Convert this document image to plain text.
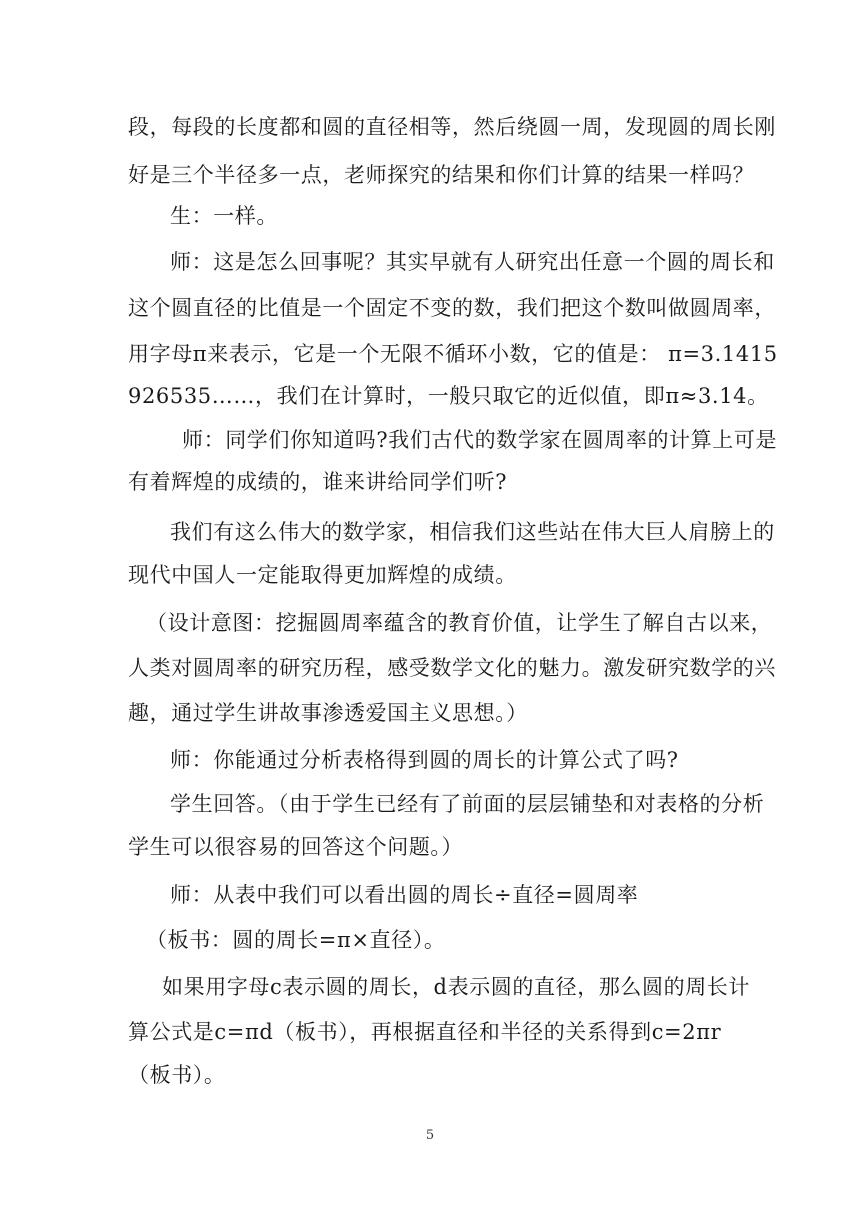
段，每段的长度都和圆的直径相等，然后绕圆一周，发现圆的周长刚
好是三个半径多一点，老师探究的结果和你们计算的结果一样吗？
生：一样。
师：这是怎么回事呢？其实早就有人研究出任意一个圆的周长和
这个圆直径的比值是一个固定不变的数，我们把这个数叫做圆周率，
用字母π来表示，它是一个无限不循环小数，它的值是： π=3.1415
926535……，我们在计算时，一般只取它的近似值，即π≈3.14。
师：同学们你知道吗?我们古代的数学家在圆周率的计算上可是
有着辉煌的成绩的，谁来讲给同学们听?
我们有这么伟大的数学家，相信我们这些站在伟大巨人肩膀上的
现代中国人一定能取得更加辉煌的成绩。
（设计意图：挖掘圆周率蕴含的教育价值，让学生了解自古以来，
人类对圆周率的研究历程，感受数学文化的魅力。激发研究数学的兴
趣，通过学生讲故事渗透爱国主义思想。）
师：你能通过分析表格得到圆的周长的计算公式了吗?
学生回答。（由于学生已经有了前面的层层铺垫和对表格的分析
学生可以很容易的回答这个问题。）
师：从表中我们可以看出圆的周长÷直径=圆周率
（板书：圆的周长=π×直径）。
如果用字母c表示圆的周长，d表示圆的直径，那么圆的周长计
算公式是c=πd（板书），再根据直径和半径的关系得到c=2πr
（板书）。
5
